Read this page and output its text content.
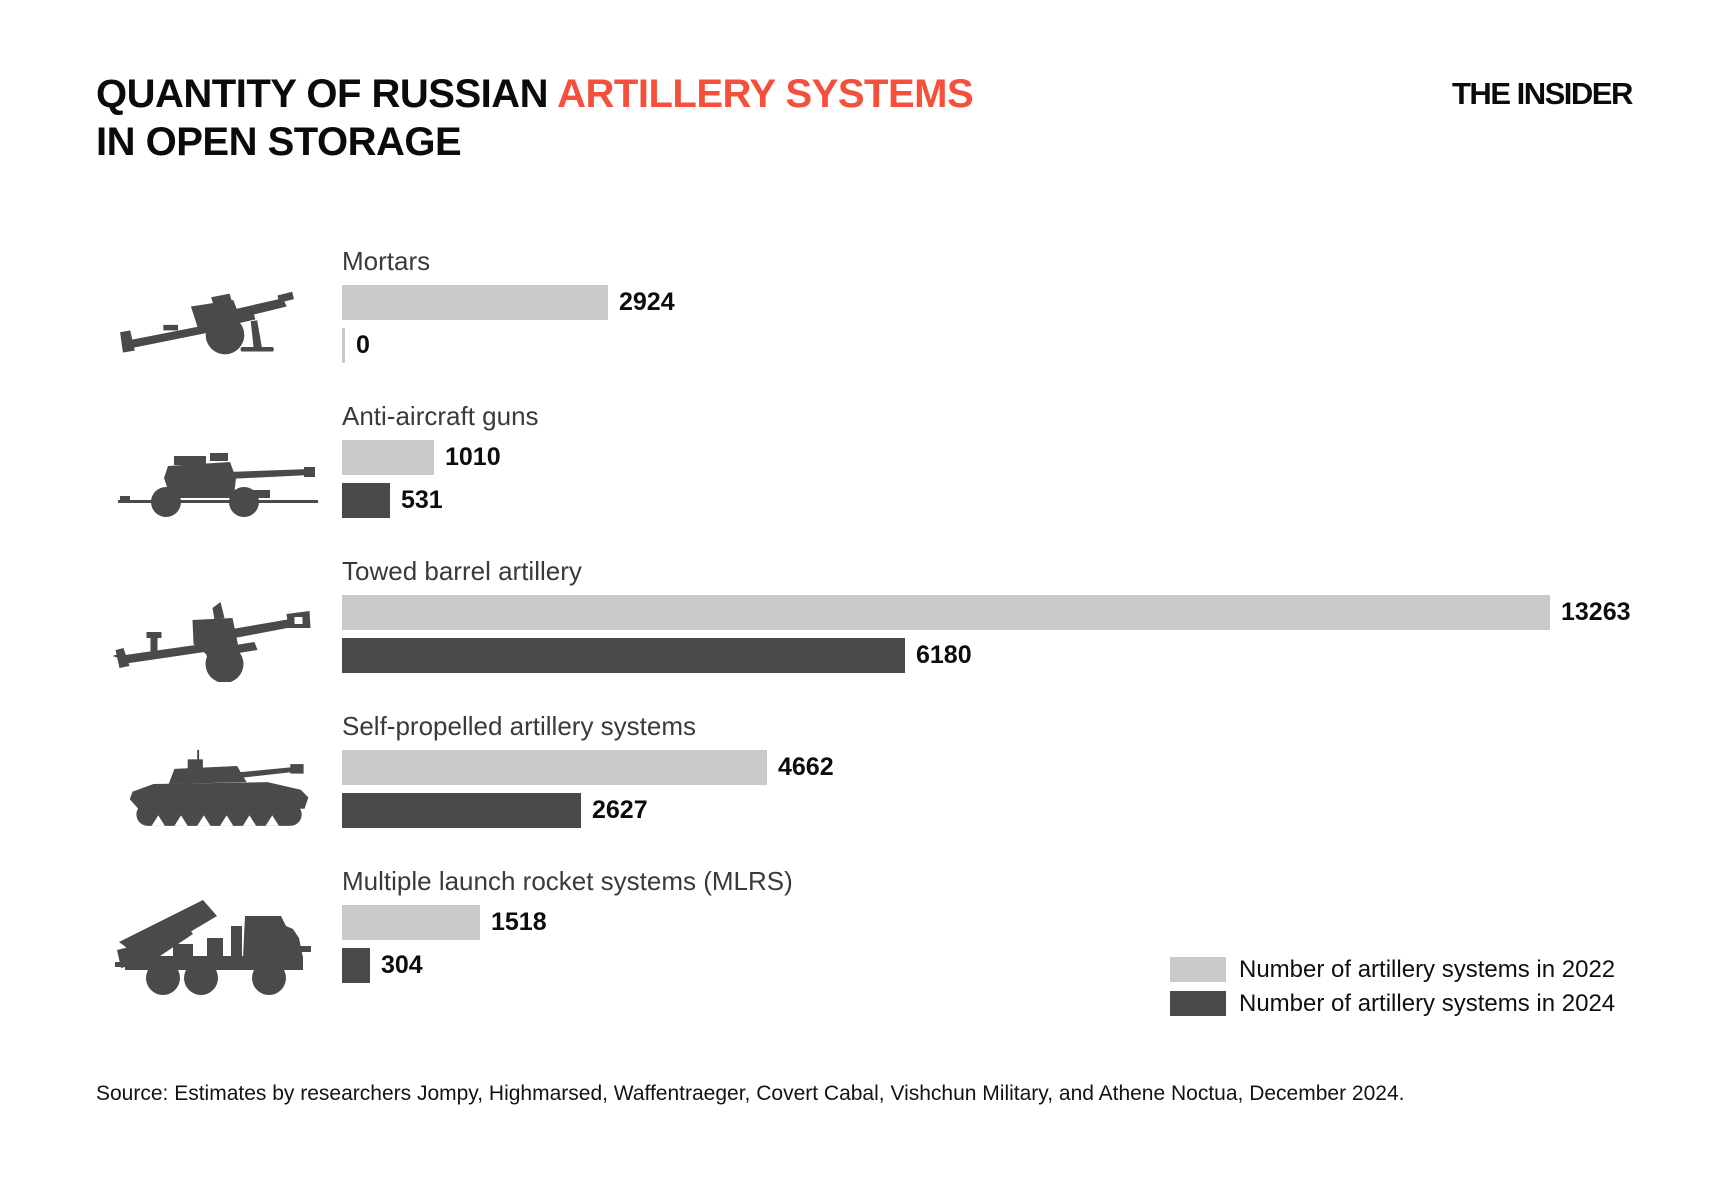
QUANTITY OF RUSSIAN ARTILLERY SYSTEMS
IN OPEN STORAGE
THE INSIDER
Mortars
2924
0
Anti-aircraft guns
1010
531
Towed barrel artillery
13263
6180
Self-propelled artillery systems
4662
2627
Multiple launch rocket systems (MLRS)
1518
304	Number of artillery systems in 2022
Number of artillery systems in 2024
Source: Estimates by researchers Jompy, Highmarsed, Waffentraeger, Covert Cabal, Vishchun Military, and Athene Noctua, December 2024.
